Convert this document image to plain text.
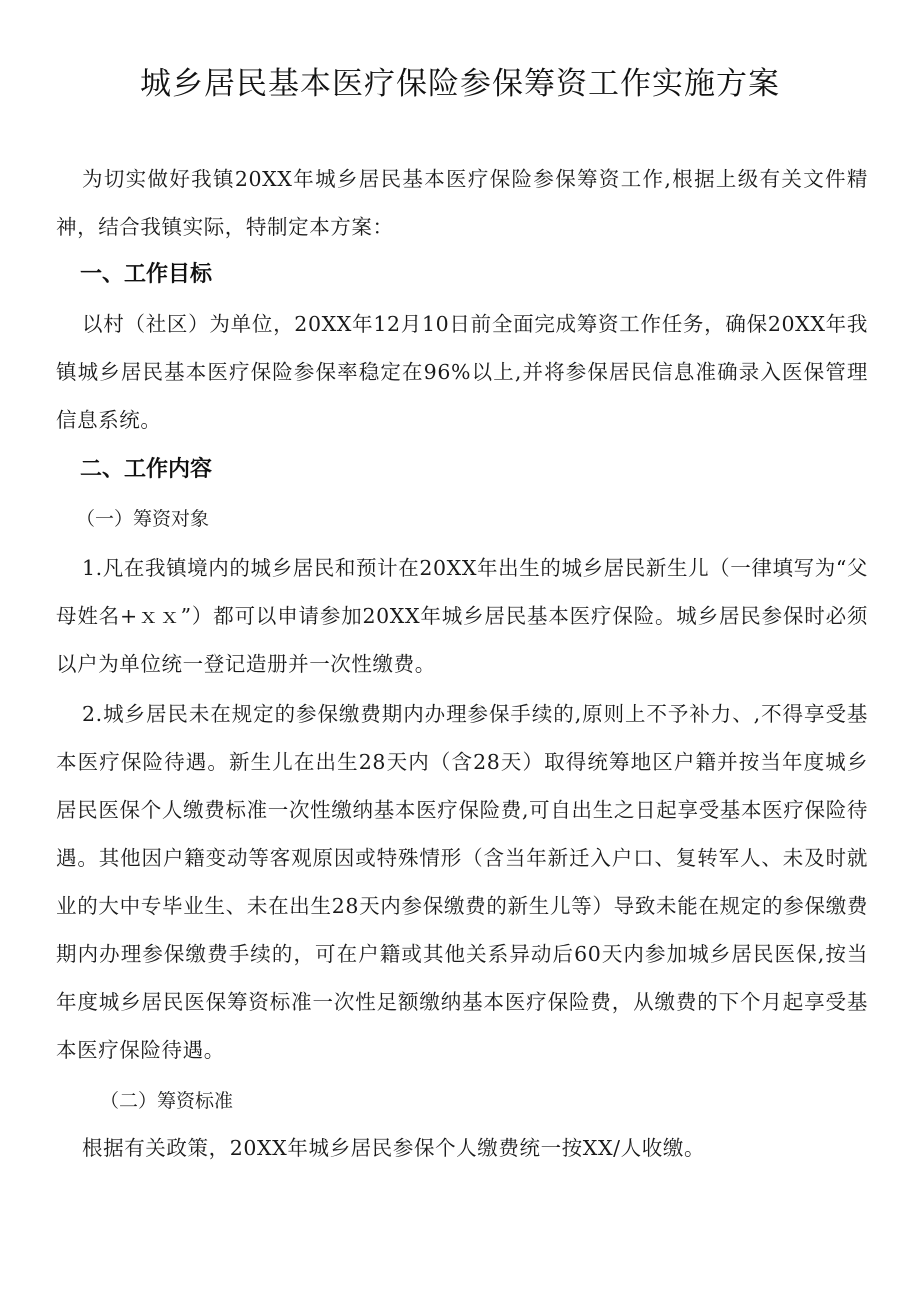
城乡居民基本医疗保险参保筹资工作实施方案

为切实做好我镇20XX年城乡居民基本医疗保险参保筹资工作,根据上级有关文件精神，结合我镇实际，特制定本方案：

一、工作目标

以村（社区）为单位，20XX年12月10日前全面完成筹资工作任务，确保20XX年我镇城乡居民基本医疗保险参保率稳定在96%以上,并将参保居民信息准确录入医保管理信息系统。

二、工作内容

（一）筹资对象

1.凡在我镇境内的城乡居民和预计在20XX年出生的城乡居民新生儿（一律填写为“父母姓名+ｘｘ”）都可以申请参加20XX年城乡居民基本医疗保险。城乡居民参保时必须以户为单位统一登记造册并一次性缴费。

2.城乡居民未在规定的参保缴费期内办理参保手续的,原则上不予补力、,不得享受基本医疗保险待遇。新生儿在出生28天内（含28天）取得统筹地区户籍并按当年度城乡居民医保个人缴费标准一次性缴纳基本医疗保险费,可自出生之日起享受基本医疗保险待遇。其他因户籍变动等客观原因或特殊情形（含当年新迁入户口、复转军人、未及时就业的大中专毕业生、未在出生28天内参保缴费的新生儿等）导致未能在规定的参保缴费期内办理参保缴费手续的，可在户籍或其他关系异动后60天内参加城乡居民医保,按当年度城乡居民医保筹资标准一次性足额缴纳基本医疗保险费，从缴费的下个月起享受基本医疗保险待遇。

（二）筹资标准

根据有关政策，20XX年城乡居民参保个人缴费统一按XX/人收缴。
